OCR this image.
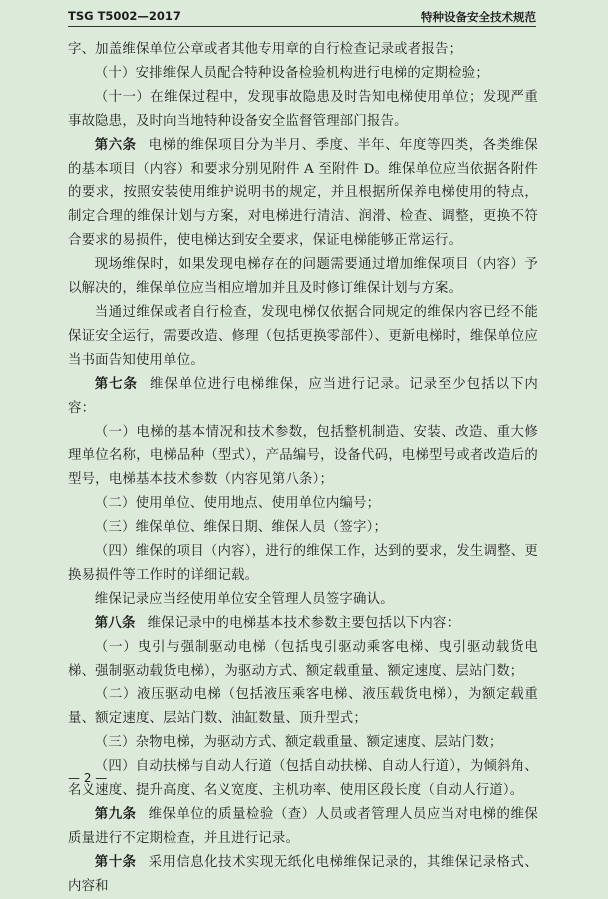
TSG T5002—2017	特种设备安全技术规范

字、加盖维保单位公章或者其他专用章的自行检查记录或者报告；

（十）安排维保人员配合特种设备检验机构进行电梯的定期检验；

（十一）在维保过程中，发现事故隐患及时告知电梯使用单位；发现严重事故隐患，及时向当地特种设备安全监督管理部门报告。

第六条 电梯的维保项目分为半月、季度、半年、年度等四类，各类维保的基本项目（内容）和要求分别见附件 A 至附件 D。维保单位应当依据各附件的要求，按照安装使用维护说明书的规定，并且根据所保养电梯使用的特点，制定合理的维保计划与方案，对电梯进行清洁、润滑、检查、调整，更换不符合要求的易损件，使电梯达到安全要求，保证电梯能够正常运行。

现场维保时，如果发现电梯存在的问题需要通过增加维保项目（内容）予以解决的，维保单位应当相应增加并且及时修订维保计划与方案。

当通过维保或者自行检查，发现电梯仅依据合同规定的维保内容已经不能保证安全运行，需要改造、修理（包括更换零部件）、更新电梯时，维保单位应当书面告知使用单位。

第七条 维保单位进行电梯维保，应当进行记录。记录至少包括以下内容：

（一）电梯的基本情况和技术参数，包括整机制造、安装、改造、重大修理单位名称，电梯品种（型式），产品编号，设备代码，电梯型号或者改造后的型号，电梯基本技术参数（内容见第八条）；

（二）使用单位、使用地点、使用单位内编号；

（三）维保单位、维保日期、维保人员（签字）；

（四）维保的项目（内容），进行的维保工作，达到的要求，发生调整、更换易损件等工作时的详细记载。

维保记录应当经使用单位安全管理人员签字确认。

第八条 维保记录中的电梯基本技术参数主要包括以下内容：

（一）曳引与强制驱动电梯（包括曳引驱动乘客电梯、曳引驱动载货电梯、强制驱动载货电梯），为驱动方式、额定载重量、额定速度、层站门数；

（二）液压驱动电梯（包括液压乘客电梯、液压载货电梯），为额定载重量、额定速度、层站门数、油缸数量、顶升型式；

（三）杂物电梯，为驱动方式、额定载重量、额定速度、层站门数；

（四）自动扶梯与自动人行道（包括自动扶梯、自动人行道），为倾斜角、名义速度、提升高度、名义宽度、主机功率、使用区段长度（自动人行道）。

第九条 维保单位的质量检验（查）人员或者管理人员应当对电梯的维保质量进行不定期检查，并且进行记录。

第十条 采用信息化技术实现无纸化电梯维保记录的，其维保记录格式、内容和

— 2 —
